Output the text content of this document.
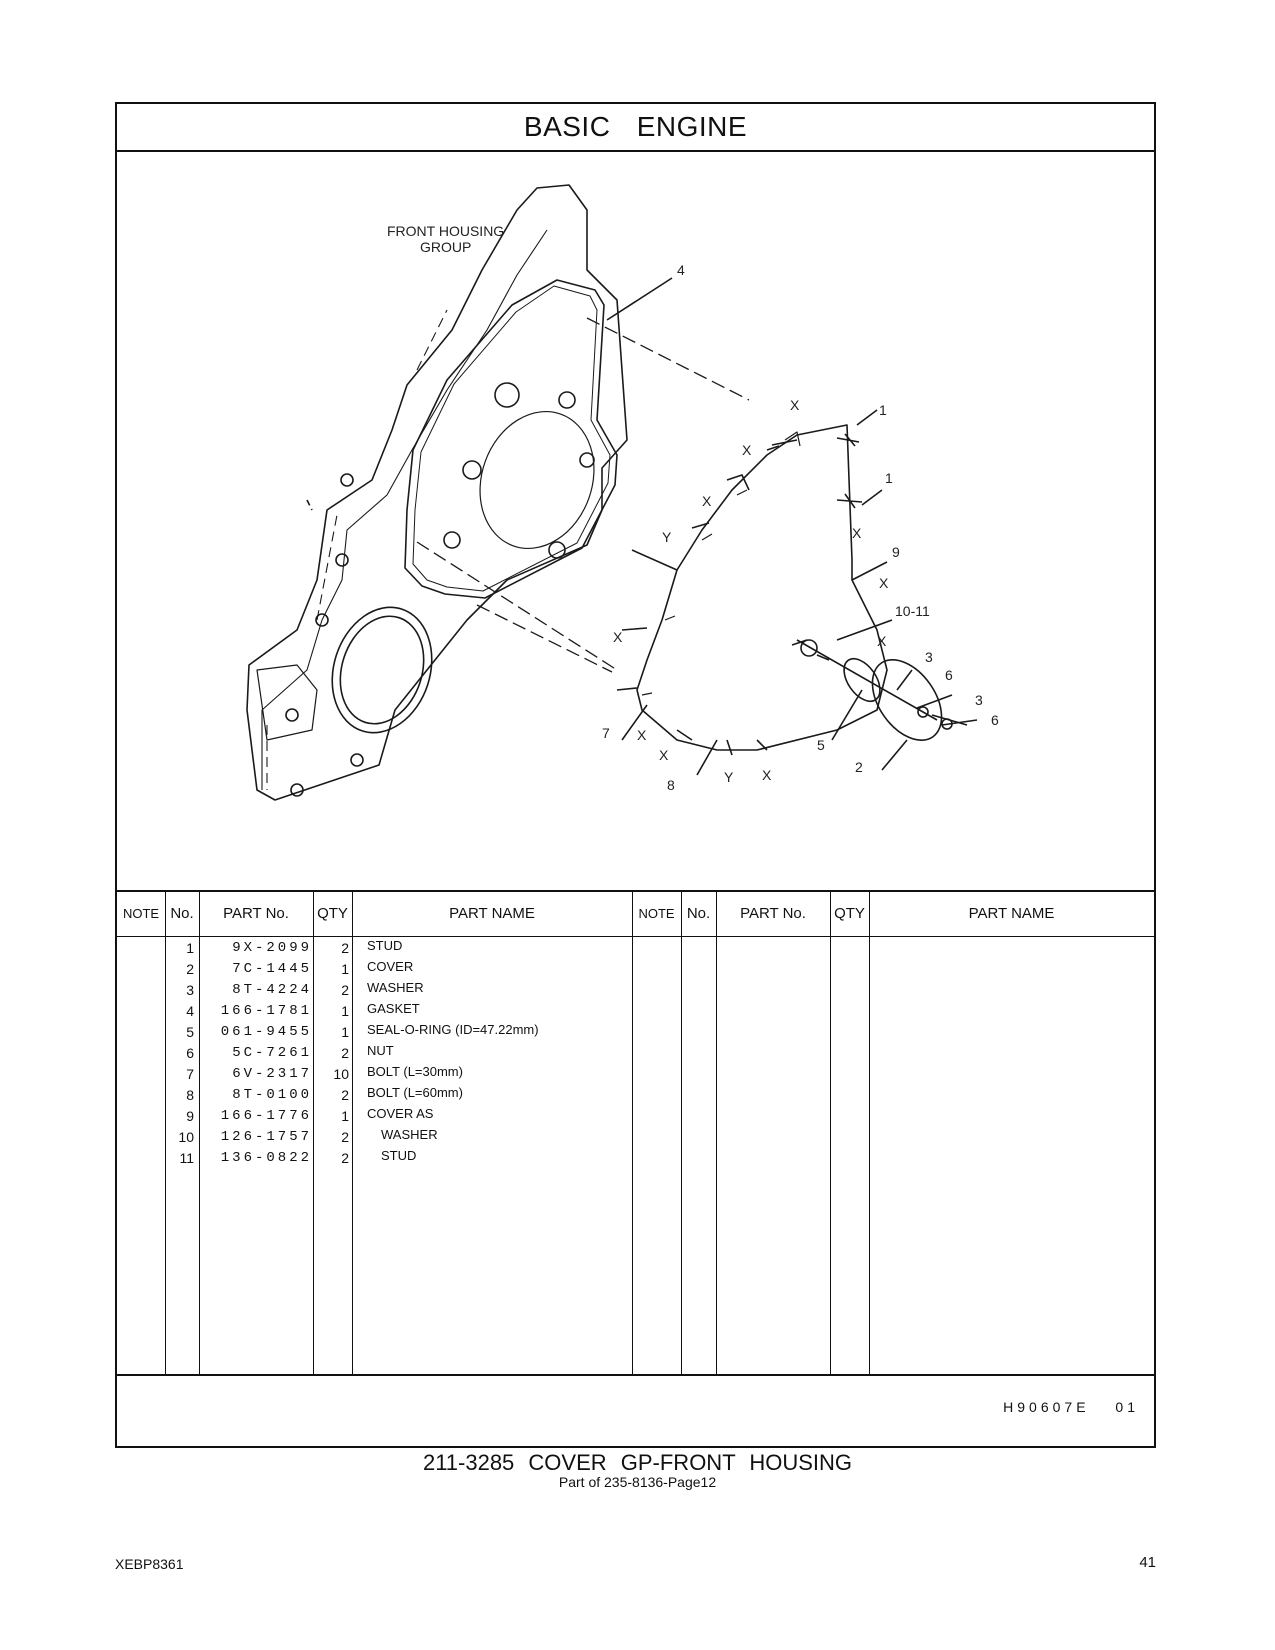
BASIC ENGINE
FRONT HOUSING
GROUP
4
1
1
9
10-11
3
6
3
6
5
2
7
8
X
X
X
Y
X
X
X
Y X
X
X
X
NOTE No.	PART No.	QTY	PART NAME	NOTE No.	PART No.	QTY	PART NAME
1	9X-2099	2 STUD
2	7C-1445	1 COVER
3	8T-4224	2 WASHER
4	166-1781	1 GASKET
5	061-9455	1 SEAL-O-RING (ID=47.22mm)
6	5C-7261	2 NUT
7	6V-2317	10 BOLT (L=30mm)
8	8T-0100	2 BOLT (L=60mm)
9	166-1776	1 COVER AS
10	126-1757	2 WASHER
11	136-0822	2 STUD
H90607E 01
211-3285 COVER GP-FRONT HOUSING
Part of 235-8136-Page12
XEBP8361	41
